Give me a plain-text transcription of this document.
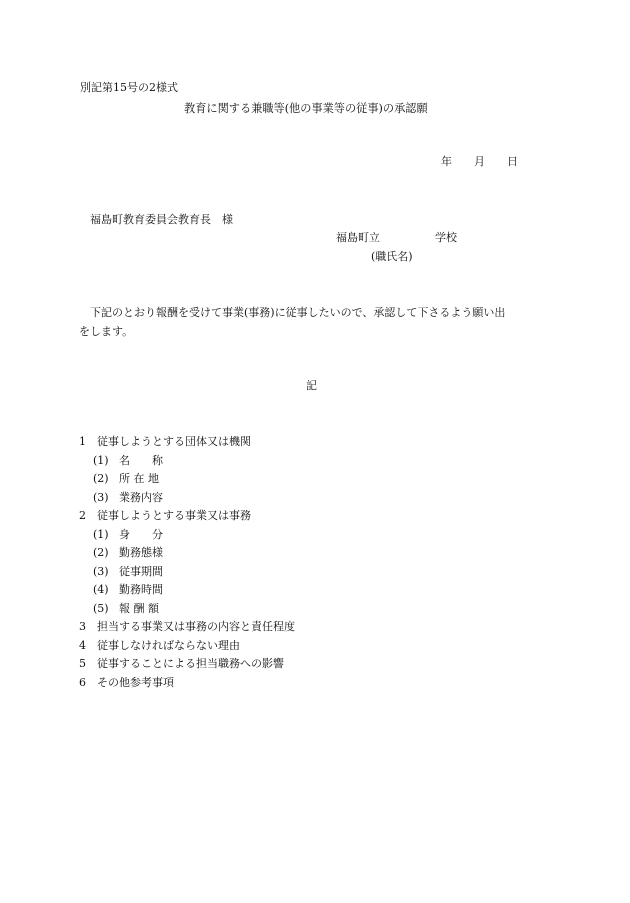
別記第15号の2様式
教育に関する兼職等(他の事業等の従事)の承認願
年　　月　　日
福島町教育委員会教育長　様
福島町立　　　　　学校
(職氏名)
下記のとおり報酬を受けて事業(事務)に従事したいので、承認して下さるよう願い出
をします。
記
1 従事しようとする団体又は機関
(1) 名　　称
(2) 所 在 地
(3) 業務内容
2 従事しようとする事業又は事務
(1) 身　　分
(2) 勤務態様
(3) 従事期間
(4) 勤務時間
(5) 報 酬 額
3 担当する事業又は事務の内容と責任程度
4 従事しなければならない理由
5 従事することによる担当職務への影響
6 その他参考事項
